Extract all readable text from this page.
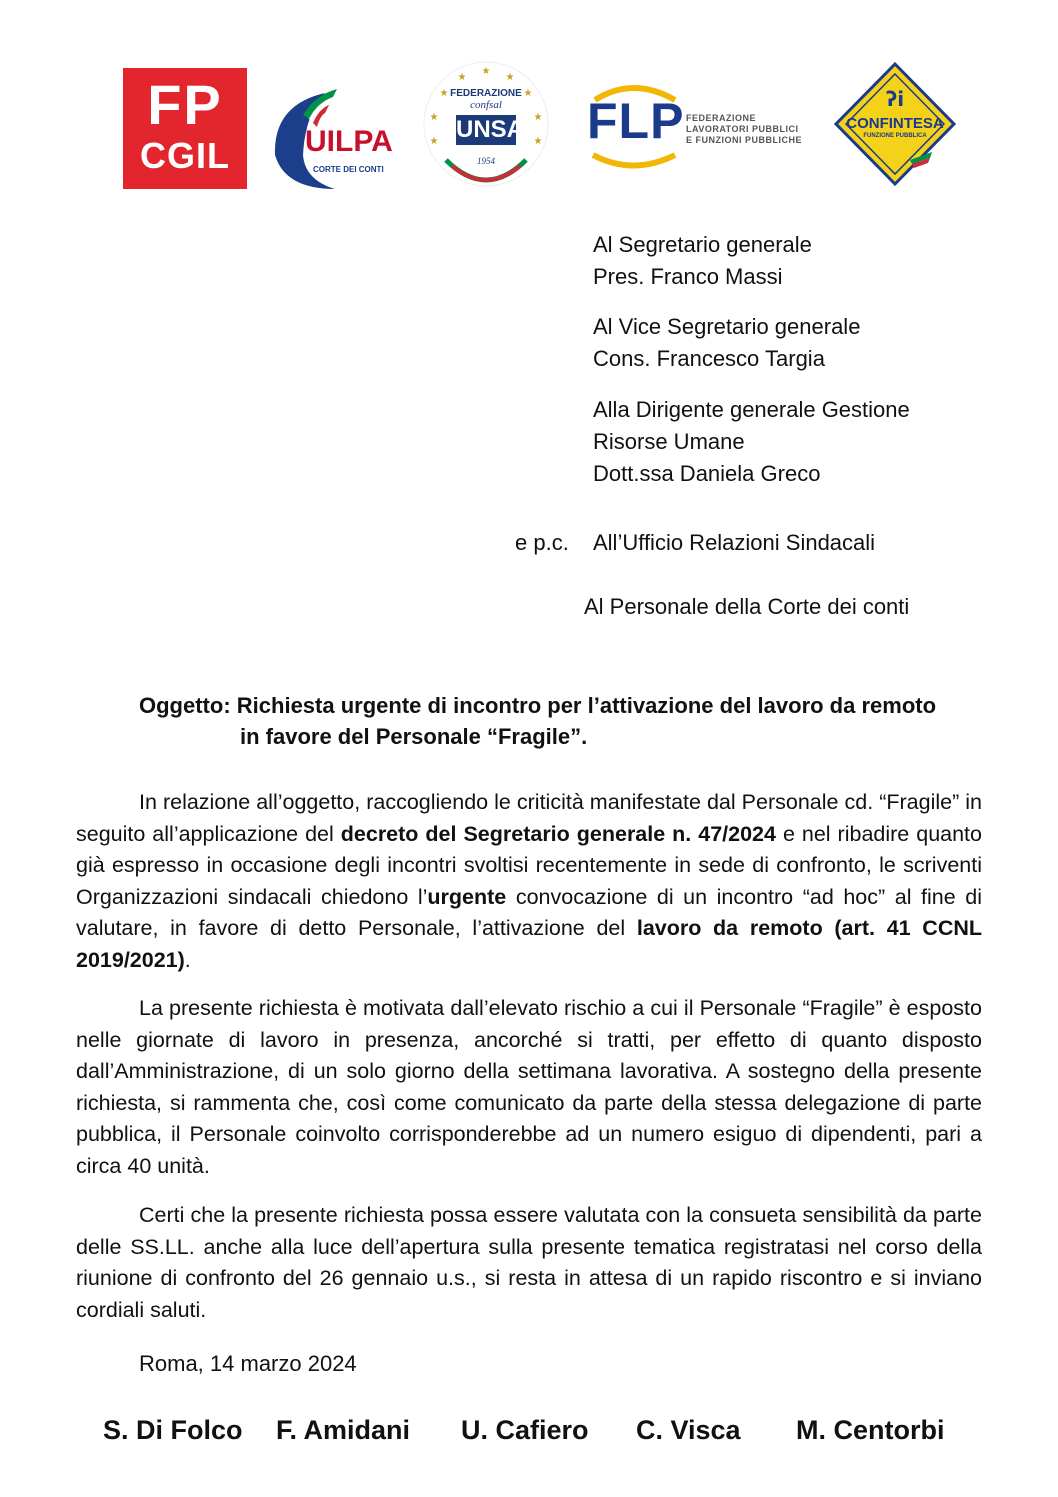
FP
CGIL	UILPA
CORTE DEI CONTI
★
★	★
★	★
★	★
★	★
FEDERAZIONE
confsal
UNSA
1954
FLP FEDERAZIONE
LAVORATORI PUBBLICI
E FUNZIONI PUBBLICHE
ʔi
CONFINTESA
FUNZIONE PUBBLICA
Al Segretario generale
Pres. Franco Massi
Al Vice Segretario generale
Cons. Francesco Targia
Alla Dirigente generale Gestione
Risorse Umane
Dott.ssa Daniela Greco
e p.c. All’Ufficio Relazioni Sindacali
Al Personale della Corte dei conti
Oggetto: Richiesta urgente di incontro per l’attivazione del lavoro da remoto
in favore del Personale “Fragile”.

In relazione all’oggetto, raccogliendo le criticità manifestate dal Personale cd. “Fragile” in seguito all’applicazione del decreto del Segretario generale n. 47/2024 e nel ribadire quanto già espresso in occasione degli incontri svoltisi recentemente in sede di confronto, le scriventi Organizzazioni sindacali chiedono l’urgente convocazione di un incontro “ad hoc” al fine di valutare, in favore di detto Personale, l’attivazione del lavoro da remoto (art. 41 CCNL 2019/2021).

La presente richiesta è motivata dall’elevato rischio a cui il Personale “Fragile” è esposto nelle giornate di lavoro in presenza, ancorché si tratti, per effetto di quanto disposto dall’Amministrazione, di un solo giorno della settimana lavorativa. A sostegno della presente richiesta, si rammenta che, così come comunicato da parte della stessa delegazione di parte pubblica, il Personale coinvolto corrisponderebbe ad un numero esiguo di dipendenti, pari a circa 40 unità.

Certi che la presente richiesta possa essere valutata con la consueta sensibilità da parte delle SS.LL. anche alla luce dell’apertura sulla presente tematica registratasi nel corso della riunione di confronto del 26 gennaio u.s., si resta in attesa di un rapido riscontro e si inviano cordiali saluti.

Roma, 14 marzo 2024
S. Di Folco F. Amidani U. Cafiero C. Visca M. Centorbi
